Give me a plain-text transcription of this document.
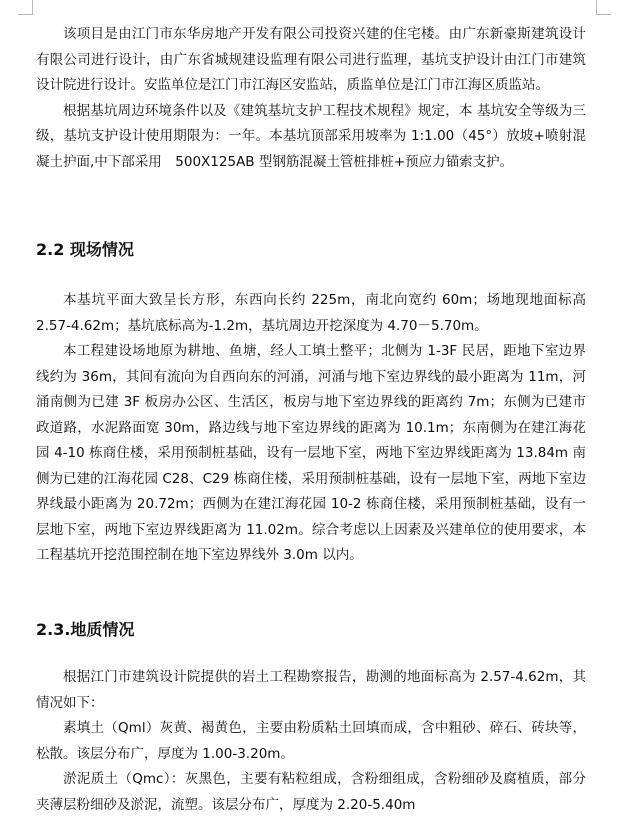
该项目是由江门市东华房地产开发有限公司投资兴建的住宅楼。由广东新豪斯建筑设计有限公司进行设计，由广东省城规建设监理有限公司进行监理，基坑支护设计由江门市建筑设计院进行设计。安监单位是江门市江海区安监站，质监单位是江门市江海区质监站。

根据基坑周边环境条件以及《建筑基坑支护工程技术规程》规定，本 基坑安全等级为三级，基坑支护设计使用期限为：一年。本基坑顶部采用坡率为 1:1.00（45°）放坡+喷射混凝土护面,中下部采用　500X125AB 型钢筋混凝土管桩排桩+预应力锚索支护。

2.2 现场情况

本基坑平面大致呈长方形，东西向长约 225m，南北向宽约 60m；场地现地面标高 2.57-4.62m；基坑底标高为-1.2m，基坑周边开挖深度为 4.70－5.70m。

本工程建设场地原为耕地、鱼塘，经人工填土整平；北侧为 1-3F 民居，距地下室边界线约为 36m，其间有流向为自西向东的河涌，河涌与地下室边界线的最小距离为 11m，河涌南侧为已建 3F 板房办公区、生活区，板房与地下室边界线的距离约 7m；东侧为已建市政道路，水泥路面宽 30m，路边线与地下室边界线的距离为 10.1m；东南侧为在建江海花园 4-10 栋商住楼，采用预制桩基础，设有一层地下室，两地下室边界线距离为 13.84m 南侧为已建的江海花园 C28、C29 栋商住楼，采用预制桩基础，设有一层地下室，两地下室边界线最小距离为 20.72m；西侧为在建江海花园 10-2 栋商住楼，采用预制桩基础，设有一层地下室，两地下室边界线距离为 11.02m。综合考虑以上因素及兴建单位的使用要求，本工程基坑开挖范围控制在地下室边界线外 3.0m 以内。

2.3.地质情况

根据江门市建筑设计院提供的岩土工程勘察报告，勘测的地面标高为 2.57-4.62m，其情况如下：

素填土（Qml）灰黄、褐黄色，主要由粉质粘土回填而成，含中粗砂、碎石、砖块等，松散。该层分布广，厚度为 1.00-3.20m。

淤泥质土（Qmc）：灰黑色，主要有粘粒组成，含粉细组成，含粉细砂及腐植质，部分夹薄层粉细砂及淤泥，流塑。该层分布广，厚度为 2.20-5.40m
